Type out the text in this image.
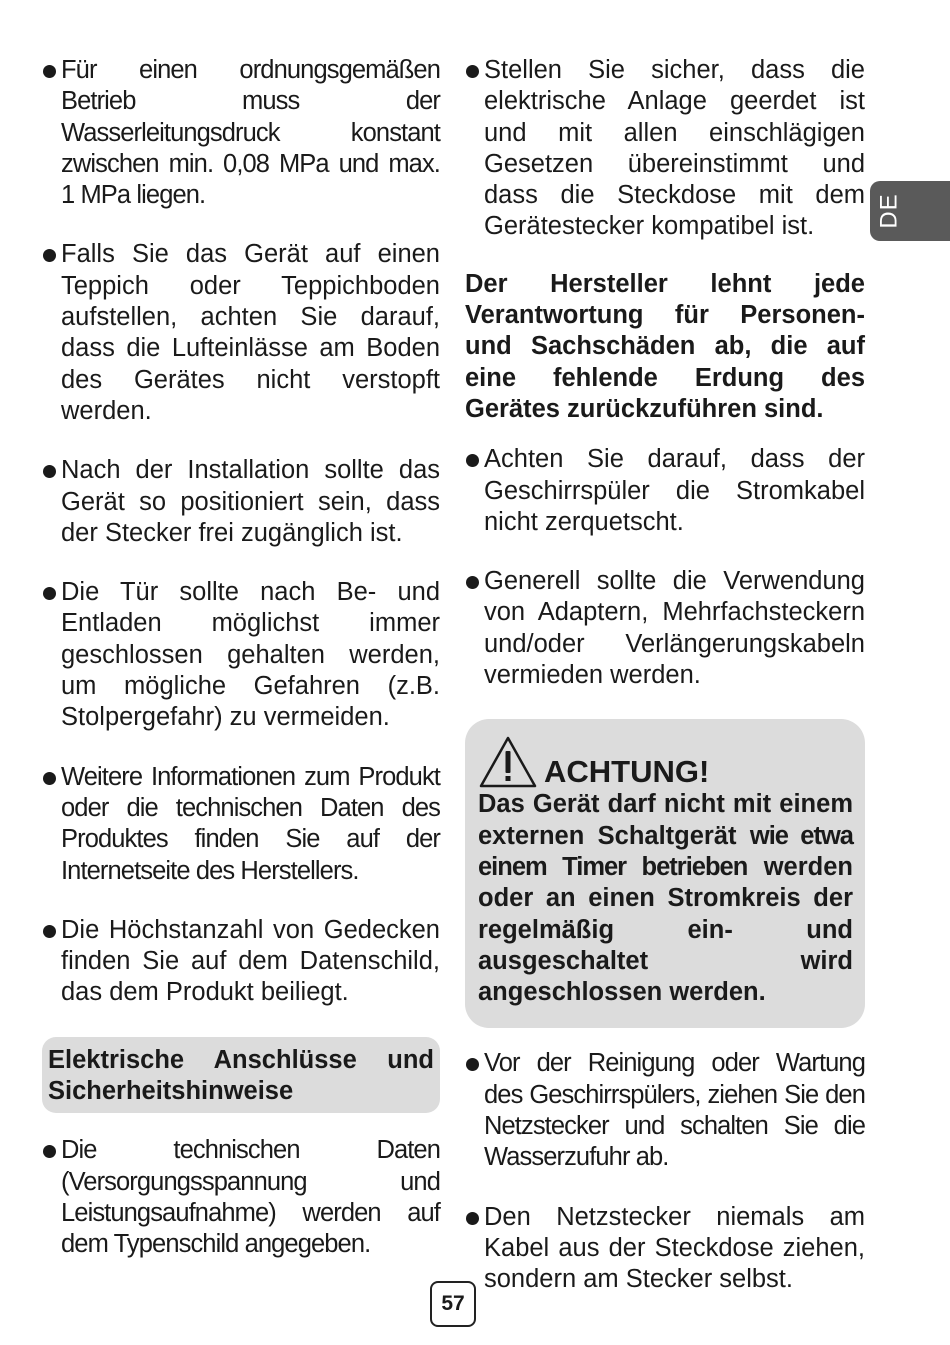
DE
Für einen ordnungsgemäßen Betrieb muss der Wasserleitungsdruck konstant zwischen min. 0,08 MPa und max. 1 MPa liegen.
Falls Sie das Gerät auf einen Teppich oder Teppichboden aufstellen, achten Sie darauf, dass die Lufteinlässe am Boden des Gerätes nicht verstopft werden.
Nach der Installation sollte das Gerät so positioniert sein, dass der Stecker frei zugänglich ist.
Die Tür sollte nach Be- und Entladen möglichst immer geschlossen gehalten werden, um mögliche Gefahren (z.B. Stolpergefahr) zu vermeiden.
Weitere Informationen zum Produkt oder die technischen Daten des Produktes finden Sie auf der Internetseite des Herstellers.
Die Höchstanzahl von Gedecken finden Sie auf dem Datenschild, das dem Produkt beiliegt.
Elektrische Anschlüsse und Sicherheitshinweise
Die technischen Daten (Versorgungsspannung und Leistungsaufnahme) werden auf dem Typenschild angegeben.
Stellen Sie sicher, dass die elektrische Anlage geerdet ist und mit allen einschlägigen Gesetzen übereinstimmt und dass die Steckdose mit dem Gerätestecker kompatibel ist.
Der Hersteller lehnt jede Verantwortung für Personen- und Sachschäden ab, die auf eine fehlende Erdung des Gerätes zurückzuführen sind.
Achten Sie darauf, dass der Geschirrspüler die Stromkabel nicht zerquetscht.
Generell sollte die Verwendung von Adaptern, Mehrfachsteckern und/oder Verlängerungskabeln vermieden werden.
ACHTUNG!
Das Gerät darf nicht mit einem externen Schaltgerät wie etwa einem Timer betrieben werden oder an einen Stromkreis der regelmäßig ein- und ausgeschaltet wird angeschlossen werden.
Vor der Reinigung oder Wartung des Geschirrspülers, ziehen Sie den Netzstecker und schalten Sie die Wasserzufuhr ab.
Den Netzstecker niemals am Kabel aus der Steckdose ziehen, sondern am Stecker selbst.
57
